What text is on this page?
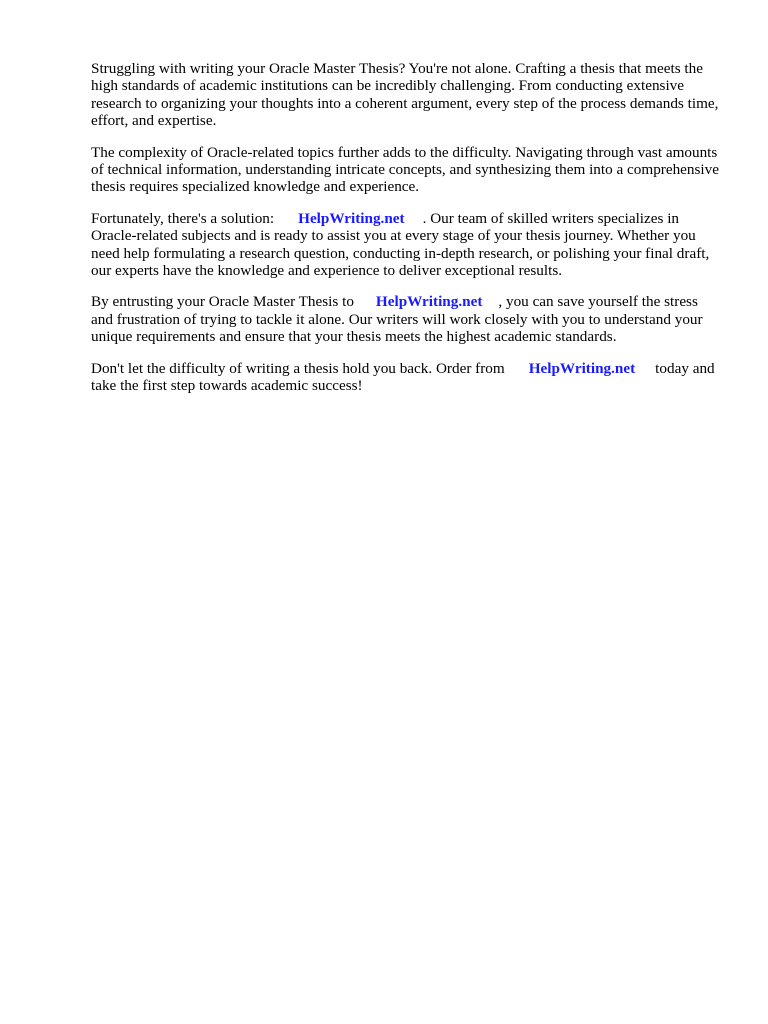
Struggling with writing your Oracle Master Thesis? You're not alone. Crafting a thesis that meets the high standards of academic institutions can be incredibly challenging. From conducting extensive research to organizing your thoughts into a coherent argument, every step of the process demands time, effort, and expertise.

The complexity of Oracle-related topics further adds to the difficulty. Navigating through vast amounts of technical information, understanding intricate concepts, and synthesizing them into a comprehensive thesis requires specialized knowledge and experience.

Fortunately, there's a solution: HelpWriting.net . Our team of skilled writers specializes in Oracle-related subjects and is ready to assist you at every stage of your thesis journey. Whether you need help formulating a research question, conducting in-depth research, or polishing your final draft, our experts have the knowledge and experience to deliver exceptional results.

By entrusting your Oracle Master Thesis to HelpWriting.net , you can save yourself the stress and frustration of trying to tackle it alone. Our writers will work closely with you to understand your unique requirements and ensure that your thesis meets the highest academic standards.

Don't let the difficulty of writing a thesis hold you back. Order from HelpWriting.net today and take the first step towards academic success!
